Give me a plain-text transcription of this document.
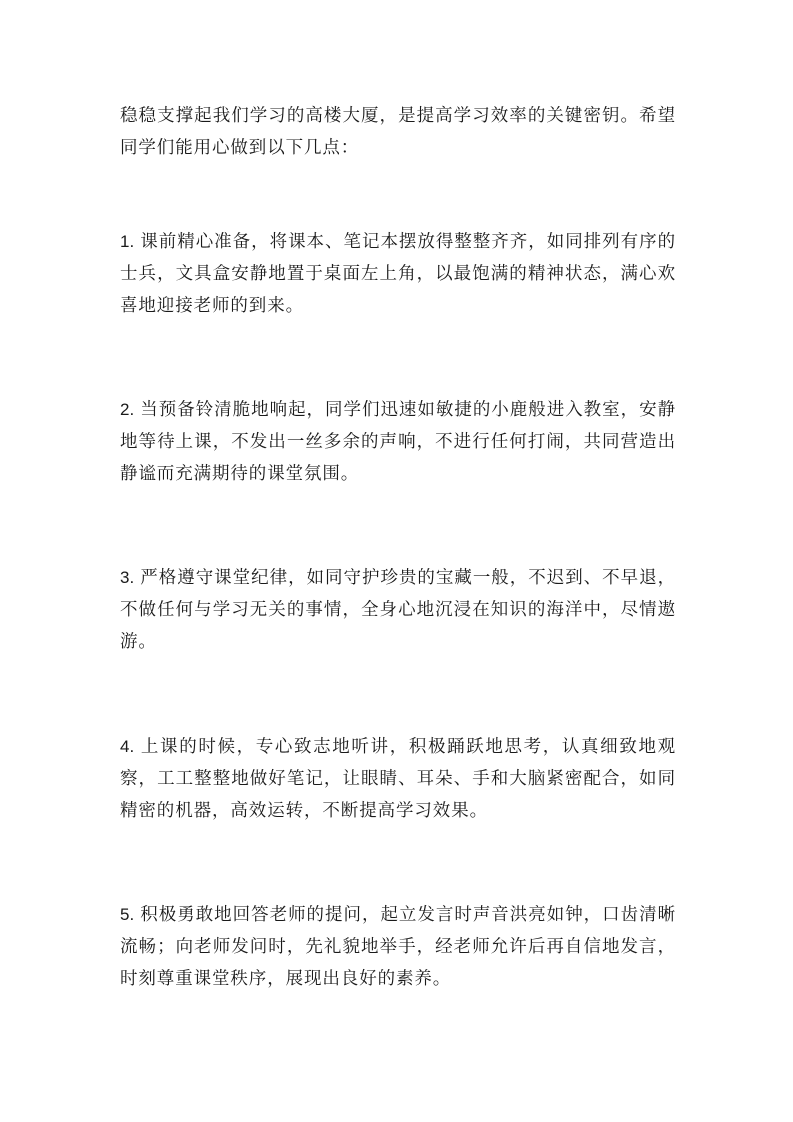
稳稳支撑起我们学习的高楼大厦，是提高学习效率的关键密钥。希望同学们能用心做到以下几点：

1. 课前精心准备，将课本、笔记本摆放得整整齐齐，如同排列有序的士兵，文具盒安静地置于桌面左上角，以最饱满的精神状态，满心欢喜地迎接老师的到来。

2. 当预备铃清脆地响起，同学们迅速如敏捷的小鹿般进入教室，安静地等待上课，不发出一丝多余的声响，不进行任何打闹，共同营造出静谧而充满期待的课堂氛围。

3. 严格遵守课堂纪律，如同守护珍贵的宝藏一般，不迟到、不早退，不做任何与学习无关的事情，全身心地沉浸在知识的海洋中，尽情遨游。

4. 上课的时候，专心致志地听讲，积极踊跃地思考，认真细致地观察，工工整整地做好笔记，让眼睛、耳朵、手和大脑紧密配合，如同精密的机器，高效运转，不断提高学习效果。

5. 积极勇敢地回答老师的提问，起立发言时声音洪亮如钟，口齿清晰流畅；向老师发问时，先礼貌地举手，经老师允许后再自信地发言，时刻尊重课堂秩序，展现出良好的素养。
